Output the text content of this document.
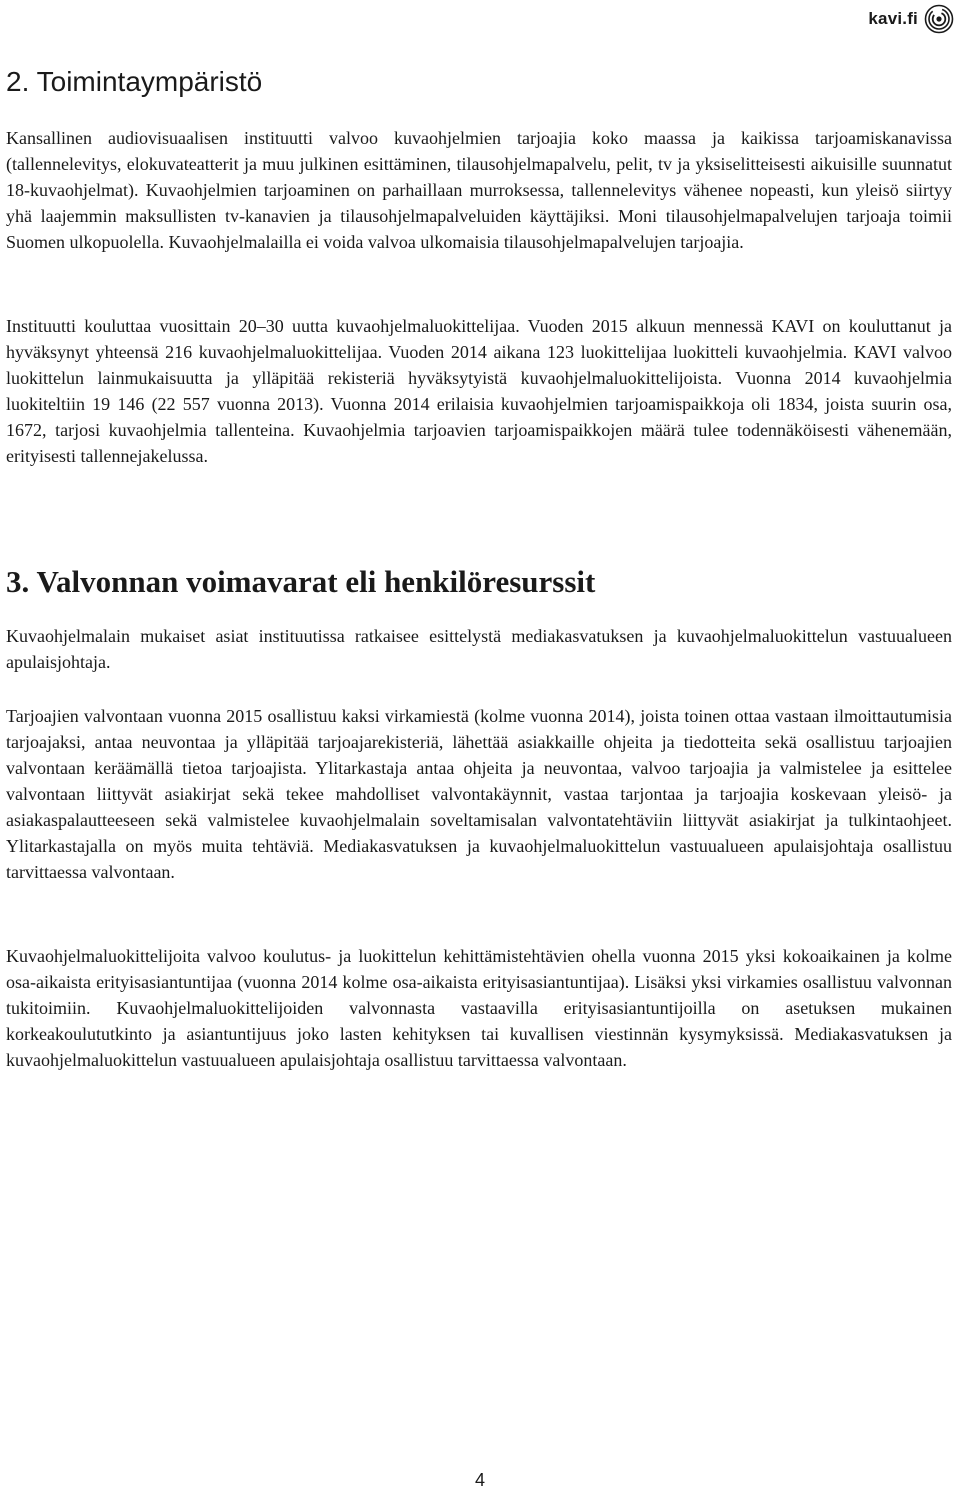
kavi.fi
2. Toimintaympäristö

Kansallinen audiovisuaalisen instituutti valvoo kuvaohjelmien tarjoajia koko maassa ja kaikissa tarjoamiskanavissa (tallennelevitys, elokuvateatterit ja muu julkinen esittäminen, tilausohjelmapalvelu, pelit, tv ja yksiselitteisesti aikuisille suunnatut 18-kuvaohjelmat). Kuvaohjelmien tarjoaminen on parhaillaan murroksessa, tallennelevitys vähenee nopeasti, kun yleisö siirtyy yhä laajemmin maksullisten tv-kanavien ja tilausohjelmapalveluiden käyttäjiksi. Moni tilausohjelmapalvelujen tarjoaja toimii Suomen ulkopuolella. Kuvaohjelmalailla ei voida valvoa ulkomaisia tilausohjelmapalvelujen tarjoajia.

Instituutti kouluttaa vuosittain 20–30 uutta kuvaohjelmaluokittelijaa. Vuoden 2015 alkuun mennessä KAVI on kouluttanut ja hyväksynyt yhteensä 216 kuvaohjelmaluokittelijaa. Vuoden 2014 aikana 123 luokittelijaa luokitteli kuvaohjelmia. KAVI valvoo luokittelun lainmukaisuutta ja ylläpitää rekisteriä hyväksytyistä kuvaohjelmaluokittelijoista. Vuonna 2014 kuvaohjelmia luokiteltiin 19 146 (22 557 vuonna 2013). Vuonna 2014 erilaisia kuvaohjelmien tarjoamispaikkoja oli 1834, joista suurin osa, 1672, tarjosi kuvaohjelmia tallenteina. Kuvaohjelmia tarjoavien tarjoamispaikkojen määrä tulee todennäköisesti vähenemään, erityisesti tallennejakelussa.

3. Valvonnan voimavarat eli henkilöresurssit

Kuvaohjelmalain mukaiset asiat instituutissa ratkaisee esittelystä mediakasvatuksen ja kuvaohjelmaluokittelun vastuualueen apulaisjohtaja.

Tarjoajien valvontaan vuonna 2015 osallistuu kaksi virkamiestä (kolme vuonna 2014), joista toinen ottaa vastaan ilmoittautumisia tarjoajaksi, antaa neuvontaa ja ylläpitää tarjoajarekisteriä, lähettää asiakkaille ohjeita ja tiedotteita sekä osallistuu tarjoajien valvontaan keräämällä tietoa tarjoajista. Ylitarkastaja antaa ohjeita ja neuvontaa, valvoo tarjoajia ja valmistelee ja esittelee valvontaan liittyvät asiakirjat sekä tekee mahdolliset valvontakäynnit, vastaa tarjontaa ja tarjoajia koskevaan yleisö- ja asiakaspalautteeseen sekä valmistelee kuvaohjelmalain soveltamisalan valvontatehtäviin liittyvät asiakirjat ja tulkintaohjeet. Ylitarkastajalla on myös muita tehtäviä. Mediakasvatuksen ja kuvaohjelmaluokittelun vastuualueen apulaisjohtaja osallistuu tarvittaessa valvontaan.

Kuvaohjelmaluokittelijoita valvoo koulutus- ja luokittelun kehittämistehtävien ohella vuonna 2015 yksi kokoaikainen ja kolme osa-aikaista erityisasiantuntijaa (vuonna 2014 kolme osa-aikaista erityisasiantuntijaa). Lisäksi yksi virkamies osallistuu valvonnan tukitoimiin. Kuvaohjelmaluokittelijoiden valvonnasta vastaavilla erityisasiantuntijoilla on asetuksen mukainen korkeakoulututkinto ja asiantuntijuus joko lasten kehityksen tai kuvallisen viestinnän kysymyksissä. Mediakasvatuksen ja kuvaohjelmaluokittelun vastuualueen apulaisjohtaja osallistuu tarvittaessa valvontaan.

4
